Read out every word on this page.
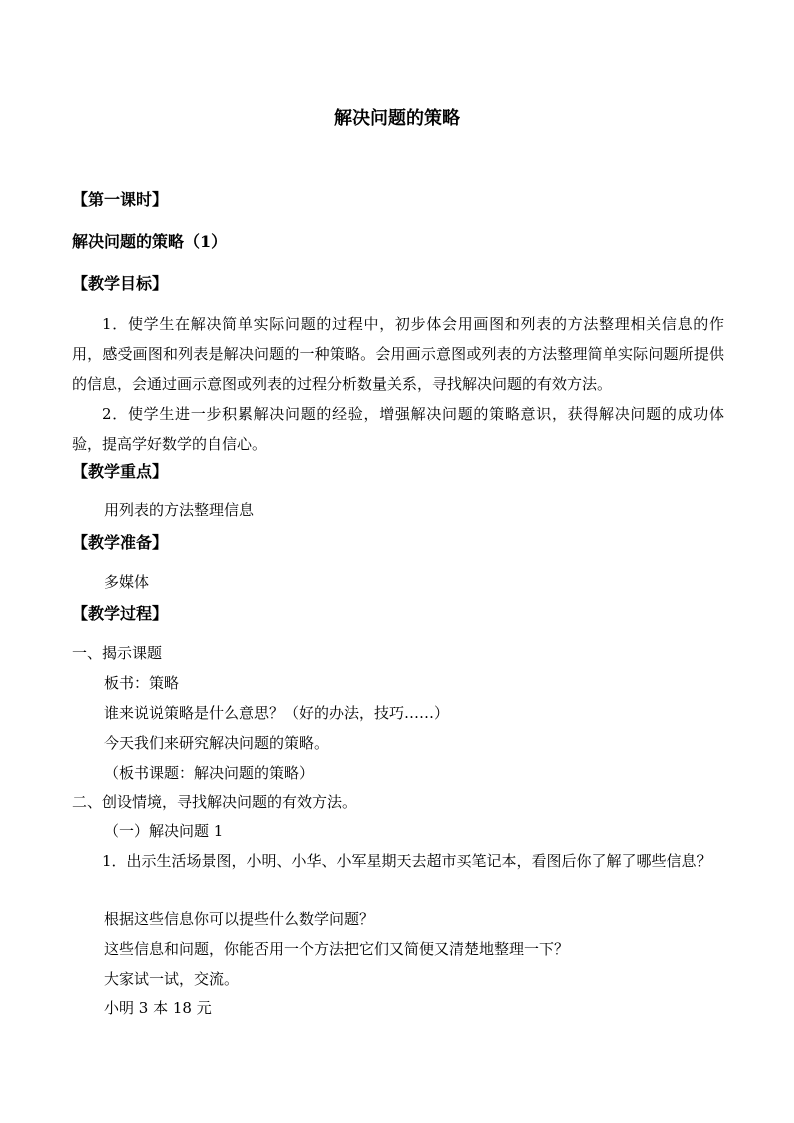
解决问题的策略
【第一课时】
解决问题的策略（1）
【教学目标】
1．使学生在解决简单实际问题的过程中，初步体会用画图和列表的方法整理相关信息的作用，感受画图和列表是解决问题的一种策略。会用画示意图或列表的方法整理简单实际问题所提供的信息，会通过画示意图或列表的过程分析数量关系，寻找解决问题的有效方法。
2．使学生进一步积累解决问题的经验，增强解决问题的策略意识，获得解决问题的成功体验，提高学好数学的自信心。
【教学重点】
用列表的方法整理信息
【教学准备】
多媒体
【教学过程】
一、揭示课题
板书：策略
谁来说说策略是什么意思？（好的办法，技巧……）
今天我们来研究解决问题的策略。
（板书课题：解决问题的策略）
二、创设情境，寻找解决问题的有效方法。
（一）解决问题 1
1．出示生活场景图，小明、小华、小军星期天去超市买笔记本，看图后你了解了哪些信息？
根据这些信息你可以提些什么数学问题？
这些信息和问题，你能否用一个方法把它们又简便又清楚地整理一下？
大家试一试，交流。
小明 3 本 18 元
